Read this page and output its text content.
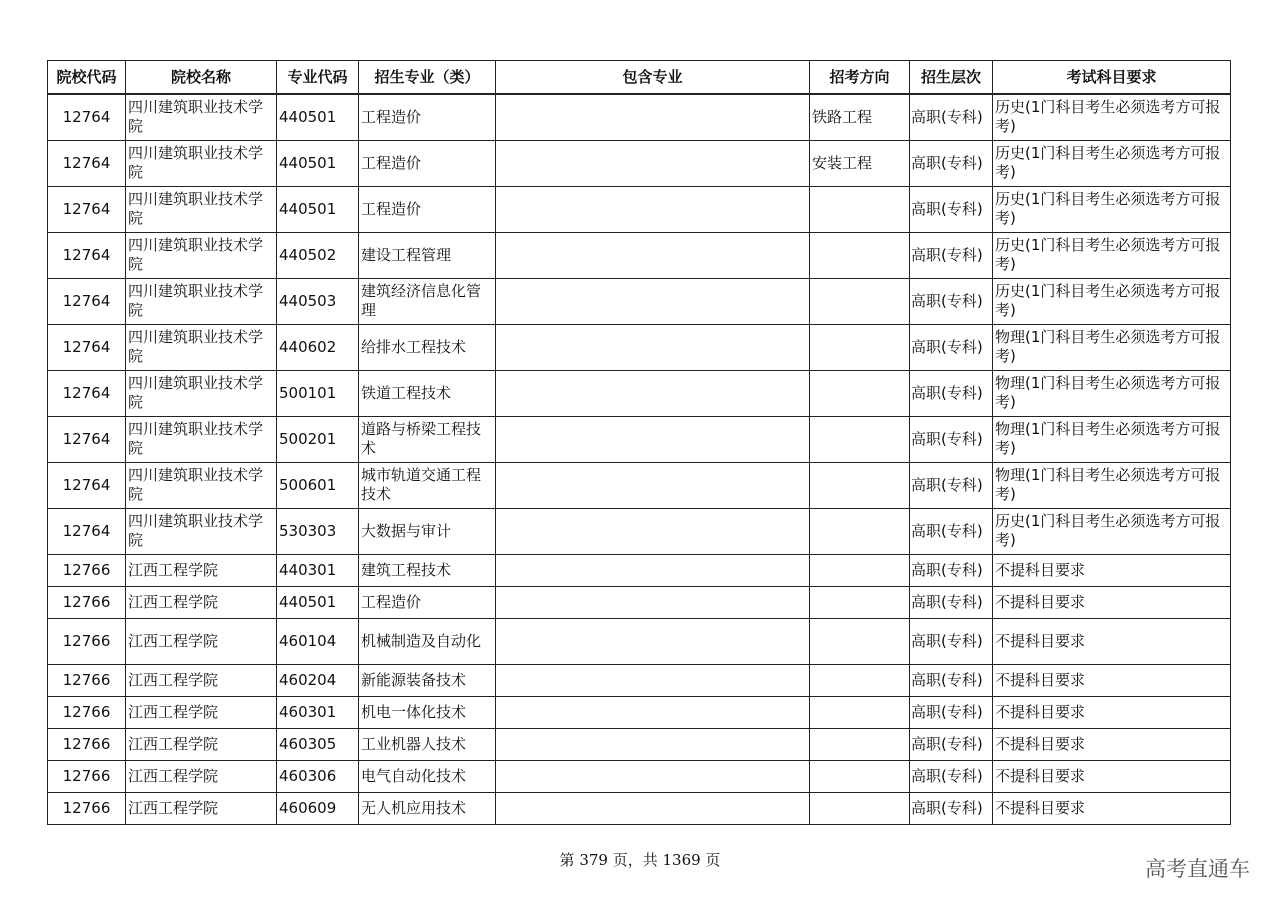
院校代码	院校名称	专业代码	招生专业（类）	包含专业	招考方向	招生层次	考试科目要求
12764	四川建筑职业技术学院	440501	工程造价		铁路工程	高职(专科)	历史(1门科目考生必须选考方可报考)
12764	四川建筑职业技术学院	440501	工程造价		安装工程	高职(专科)	历史(1门科目考生必须选考方可报考)
12764	四川建筑职业技术学院	440501	工程造价			高职(专科)	历史(1门科目考生必须选考方可报考)
12764	四川建筑职业技术学院	440502	建设工程管理			高职(专科)	历史(1门科目考生必须选考方可报考)
12764	四川建筑职业技术学院	440503	建筑经济信息化管理			高职(专科)	历史(1门科目考生必须选考方可报考)
12764	四川建筑职业技术学院	440602	给排水工程技术			高职(专科)	物理(1门科目考生必须选考方可报考)
12764	四川建筑职业技术学院	500101	铁道工程技术			高职(专科)	物理(1门科目考生必须选考方可报考)
12764	四川建筑职业技术学院	500201	道路与桥梁工程技术			高职(专科)	物理(1门科目考生必须选考方可报考)
12764	四川建筑职业技术学院	500601	城市轨道交通工程技术			高职(专科)	物理(1门科目考生必须选考方可报考)
12764	四川建筑职业技术学院	530303	大数据与审计			高职(专科)	历史(1门科目考生必须选考方可报考)
12766	江西工程学院	440301	建筑工程技术			高职(专科)	不提科目要求
12766	江西工程学院	440501	工程造价			高职(专科)	不提科目要求
12766	江西工程学院	460104	机械制造及自动化			高职(专科)	不提科目要求
12766	江西工程学院	460204	新能源装备技术			高职(专科)	不提科目要求
12766	江西工程学院	460301	机电一体化技术			高职(专科)	不提科目要求
12766	江西工程学院	460305	工业机器人技术			高职(专科)	不提科目要求
12766	江西工程学院	460306	电气自动化技术			高职(专科)	不提科目要求
12766	江西工程学院	460609	无人机应用技术			高职(专科)	不提科目要求
第 379 页，共 1369 页	高考直通车
